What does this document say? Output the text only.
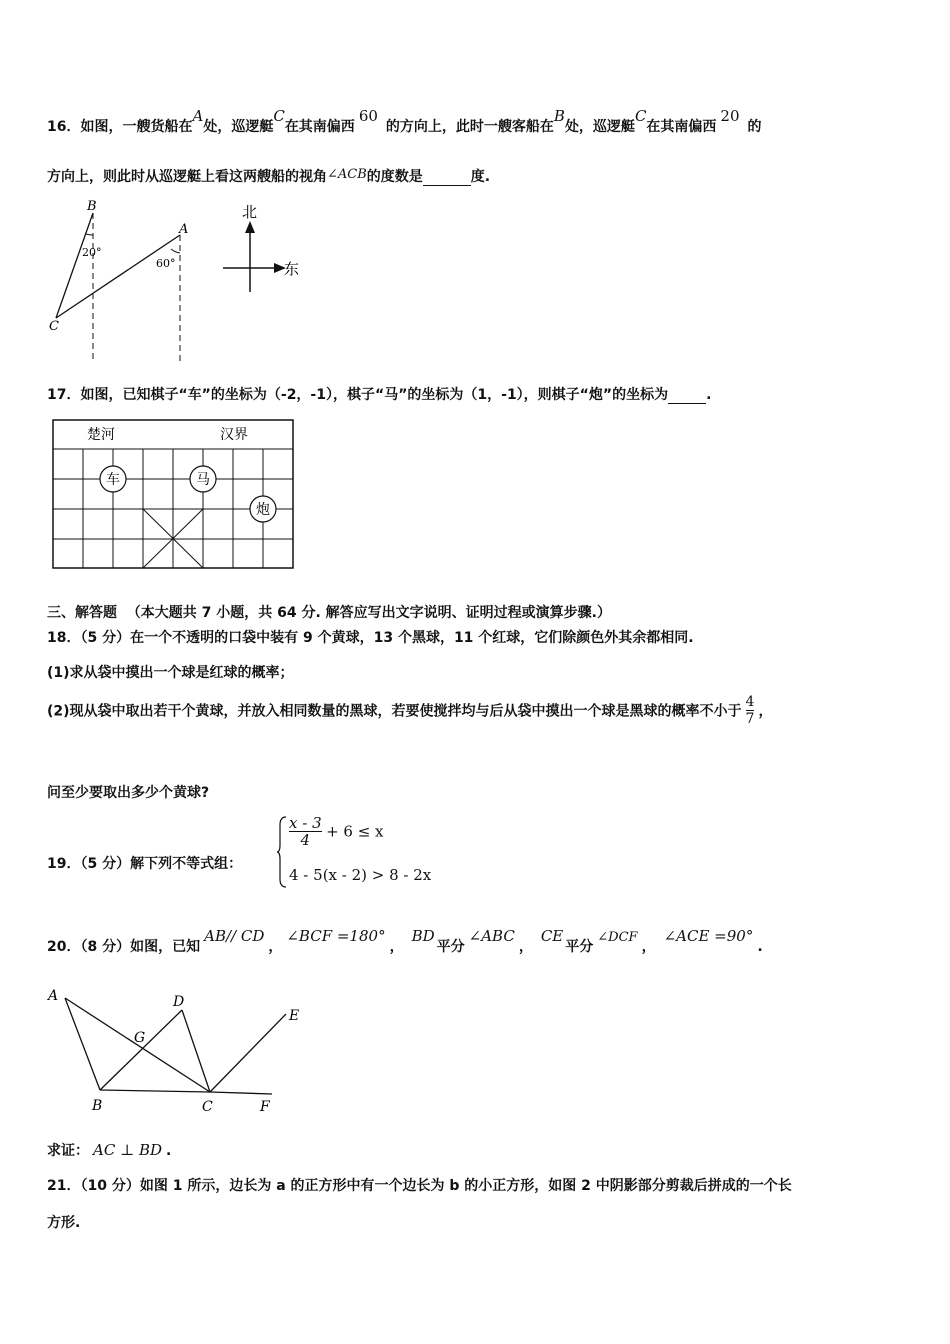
16．如图，一艘货船在A处，巡逻艇C在其南偏西60的方向上，此时一艘客船在B处，巡逻艇C在其南偏西20的
方向上，则此时从巡逻艇上看这两艘船的视角∠ACB的度数是	度.
B
A
C
20°
60°
北
东
17．如图，已知棋子“车”的坐标为（-2，-1），棋子“马”的坐标为（1，-1），则棋子“炮”的坐标为	.
楚河	汉界
车	马
炮
三、解答题 （本大题共 7 小题，共 64 分. 解答应写出文字说明、证明过程或演算步骤.）
18．（5 分）在一个不透明的口袋中装有 9 个黄球，13 个黑球，11 个红球，它们除颜色外其余都相同.
(1)求从袋中摸出一个球是红球的概率；
(2)现从袋中取出若干个黄球，并放入相同数量的黑球，若要使搅拌均与后从袋中摸出一个球是黑球的概率不小于 $\frac{4}{7}$ ，
问至少要取出多少个黄球?
19．（5 分）解下列不等式组：
$\frac{x - 3}{4} + 6 \le x$
4 - 5(x - 2) > 8 - 2x
20．（8 分）如图，已知AB// CD，∠BCF =180°，BD平分∠ABC，CE平分∠DCF，∠ACE =90°.
A	D
E
G
B	C	F
求证： AC ⊥ BD .
21．（10 分）如图 1 所示，边长为 a 的正方形中有一个边长为 b 的小正方形，如图 2 中阴影部分剪裁后拼成的一个长
方形.
